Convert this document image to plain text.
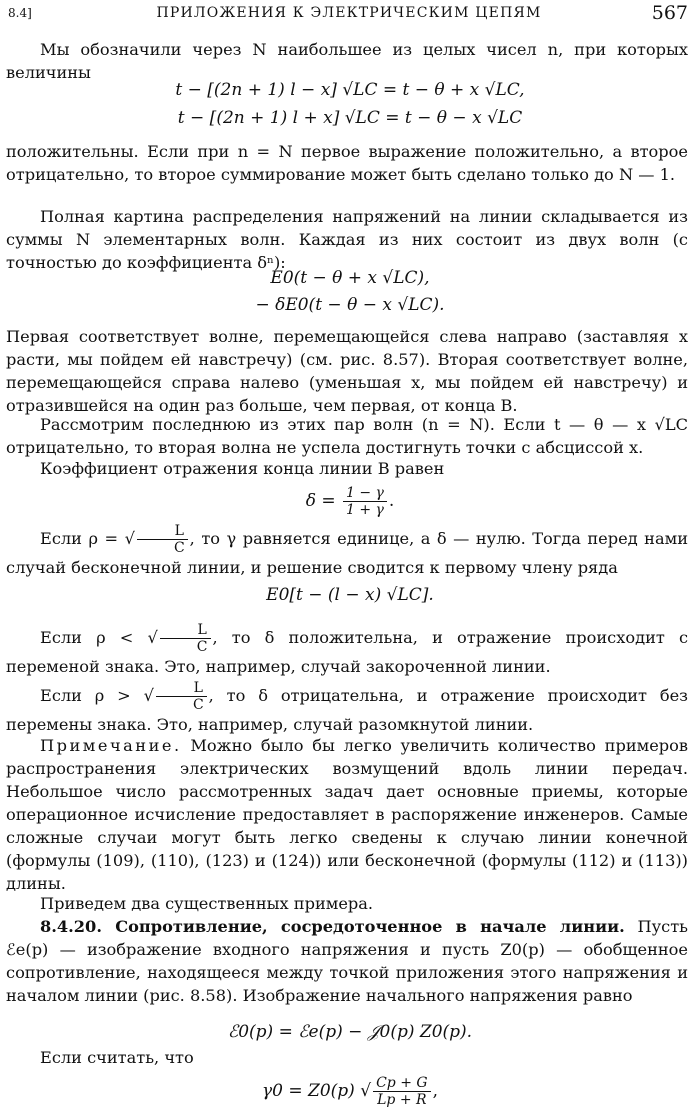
8.4]	ПРИЛОЖЕНИЯ К ЭЛЕКТРИЧЕСКИМ ЦЕПЯМ	567
Мы обозначили через N наибольшее из целых чисел n, при которых величины
t − [(2n + 1) l − x] √LC = t − θ + x √LC,
t − [(2n + 1) l + x] √LC = t − θ − x √LC
положительны. Если при n = N первое выражение положительно, а второе отрицательно, то второе суммирование может быть сделано только до N — 1.
Полная картина распределения напряжений на линии складывается из суммы N элементарных волн. Каждая из них состоит из двух волн (с точностью до коэффициента δⁿ):
E0(t − θ + x √LC),
− δE0(t − θ − x √LC).
Первая соответствует волне, перемещающейся слева направо (заставляя x расти, мы пойдем ей навстречу) (см. рис. 8.57). Вторая соответствует волне, перемещающейся справа налево (уменьшая x, мы пойдем ей навстречу) и отразившейся на один раз больше, чем первая, от конца B.
Рассмотрим последнюю из этих пар волн (n = N). Если t — θ — x √LC отрицательно, то вторая волна не успела достигнуть точки с абсциссой x.
Коэффициент отражения конца линии B равен
$\delta = \frac{1 - \gamma}{1 + \gamma}$ .
Если ρ = √ $\frac{L}{C}$ , то γ равняется единице, а δ — нулю. Тогда перед нами случай бесконечной линии, и решение сводится к первому члену ряда
E0[t − (l − x) √LC].
Если ρ < √ $\frac{L}{C}$ , то δ положительна, и отражение происходит с переменой знака. Это, например, случай закороченной линии.
Если ρ > √ $\frac{L}{C}$ , то δ отрицательна, и отражение происходит без перемены знака. Это, например, случай разомкнутой линии.
Примечание. Можно было бы легко увеличить количество примеров распространения электрических возмущений вдоль линии передач. Небольшое число рассмотренных задач дает основные приемы, которые операционное исчисление предоставляет в распоряжение инженеров. Самые сложные случаи могут быть легко сведены к случаю линии конечной (формулы (109), (110), (123) и (124)) или бесконечной (формулы (112) и (113)) длины.
Приведем два существенных примера.
8.4.20. Сопротивление, сосредоточенное в начале линии. Пусть ℰe(p) — изображение входного напряжения и пусть Z0(p) — обобщенное сопротивление, находящееся между точкой приложения этого напряжения и началом линии (рис. 8.58). Изображение начального напряжения равно
ℰ0(p) = ℰe(p) − 𝒥0(p) Z0(p).
Если считать, что
γ0 = Z0(p) √ $\frac{Cp + G}{Lp + R}$ ,
